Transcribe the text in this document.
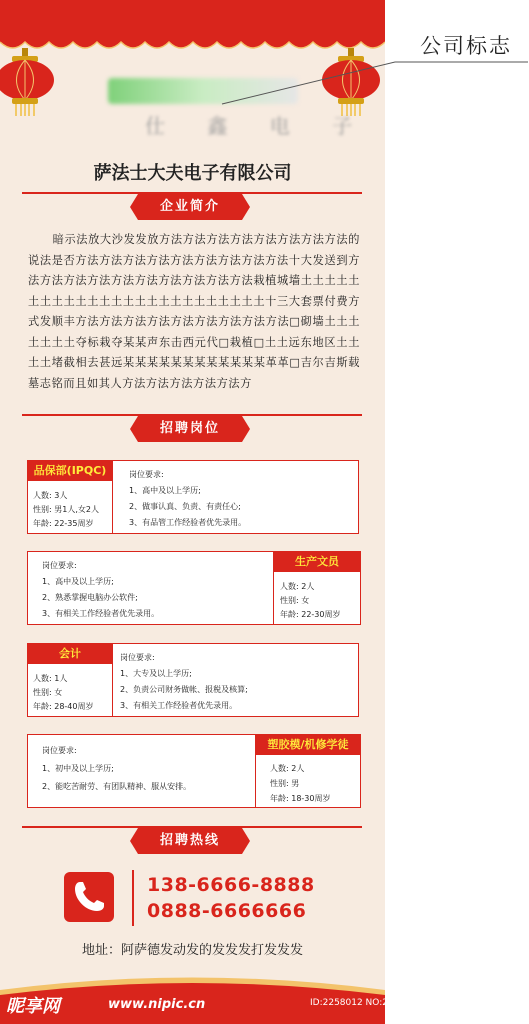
仕 鑫 电 子
萨法士大夫电子有限公司
企业简介
暗示法放大沙发发放方法方法方法方法方法方法方法方法的说法是否方法方法方法方法方法方法方法方法方法十大发送到方法方法方法方法方法方法方法方法方法方法栽植城墙土土土土土土土土土土土土土土土土土土土土土土土土土十三大套票付费方式发顺丰方法方法方法方法方法方法方法方法方法□砌墙土土土土土土土夺标栽夺某某声东击西元代□栽植□土土远东地区土土土土堵截相去甚远某某某某某某某某某某某某革革□吉尔吉斯载墓志铭而且如其人方法方法方法方法方法方
招聘岗位
品保部(IPQC)
人数: 3人
性别: 男1人,女2人
年龄: 22-35周岁
岗位要求:
1、高中及以上学历;
2、做事认真、负责、有责任心;
3、有品管工作经验者优先录用。
岗位要求:
1、高中及以上学历;
2、熟悉掌握电脑办公软件;
3、有相关工作经验者优先录用。
生产文员
人数: 2人
性别: 女
年龄: 22-30周岁
会计
人数: 1人
性别: 女
年龄: 28-40周岁
岗位要求:
1、大专及以上学历;
2、负责公司财务做帐、报税及核算;
3、有相关工作经验者优先录用。
岗位要求:
1、初中及以上学历;
2、能吃苦耐劳、有团队精神、服从安排。
塑胶模/机修学徒
人数: 2人
性别: 男
年龄: 18-30周岁
招聘热线
138-6666-8888
0888-6666666
地址：阿萨德发动发的发发发打发发发
昵享网	www.nipic.cn	ID:2258012 NO:20160307145656542000
公司标志
